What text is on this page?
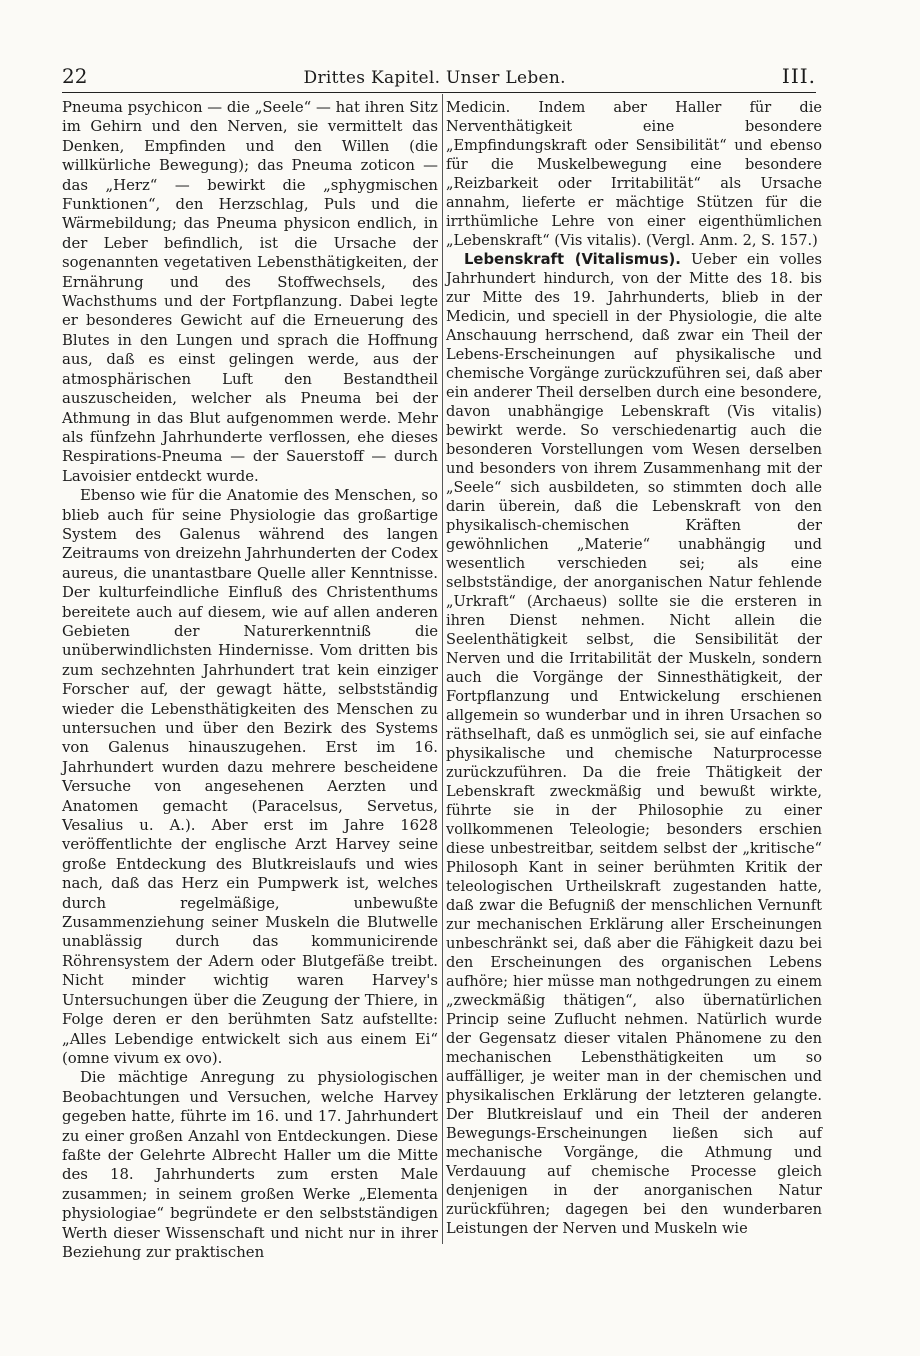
22	Drittes Kapitel. Unser Leben.	III.

Pneuma psychicon — die „Seele“ — hat ihren Sitz im Gehirn und den Nerven, sie vermittelt das Denken, Empfinden und den Willen (die willkürliche Bewegung); das Pneuma zoticon — das „Herz“ — bewirkt die „sphygmischen Funktionen“, den Herzschlag, Puls und die Wärmebildung; das Pneuma physicon endlich, in der Leber befindlich, ist die Ursache der sogenannten vegetativen Lebensthätigkeiten, der Ernährung und des Stoffwechsels, des Wachsthums und der Fortpflanzung. Dabei legte er besonderes Gewicht auf die Erneuerung des Blutes in den Lungen und sprach die Hoffnung aus, daß es einst gelingen werde, aus der atmosphärischen Luft den Bestandtheil auszuscheiden, welcher als Pneuma bei der Athmung in das Blut aufgenommen werde. Mehr als fünfzehn Jahrhunderte verflossen, ehe dieses Respirations-Pneuma — der Sauerstoff — durch Lavoisier entdeckt wurde.

Ebenso wie für die Anatomie des Menschen, so blieb auch für seine Physiologie das großartige System des Galenus während des langen Zeitraums von dreizehn Jahrhunderten der Codex aureus, die unantastbare Quelle aller Kenntnisse. Der kulturfeindliche Einfluß des Christenthums bereitete auch auf diesem, wie auf allen anderen Gebieten der Naturerkenntniß die unüberwindlichsten Hindernisse. Vom dritten bis zum sechzehnten Jahrhundert trat kein einziger Forscher auf, der gewagt hätte, selbstständig wieder die Lebensthätigkeiten des Menschen zu untersuchen und über den Bezirk des Systems von Galenus hinauszugehen. Erst im 16. Jahrhundert wurden dazu mehrere bescheidene Versuche von angesehenen Aerzten und Anatomen gemacht (Paracelsus, Servetus, Vesalius u. A.). Aber erst im Jahre 1628 veröffentlichte der englische Arzt Harvey seine große Entdeckung des Blutkreislaufs und wies nach, daß das Herz ein Pumpwerk ist, welches durch regelmäßige, unbewußte Zusammenziehung seiner Muskeln die Blutwelle unablässig durch das kommunicirende Röhrensystem der Adern oder Blutgefäße treibt. Nicht minder wichtig waren Harvey's Untersuchungen über die Zeugung der Thiere, in Folge deren er den berühmten Satz aufstellte: „Alles Lebendige entwickelt sich aus einem Ei“ (omne vivum ex ovo).

Die mächtige Anregung zu physiologischen Beobachtungen und Versuchen, welche Harvey gegeben hatte, führte im 16. und 17. Jahrhundert zu einer großen Anzahl von Entdeckungen. Diese faßte der Gelehrte Albrecht Haller um die Mitte des 18. Jahrhunderts zum ersten Male zusammen; in seinem großen Werke „Elementa physiologiae“ begründete er den selbstständigen Werth dieser Wissenschaft und nicht nur in ihrer Beziehung zur praktischen

Medicin. Indem aber Haller für die Nerventhätigkeit eine besondere „Empfindungskraft oder Sensibilität“ und ebenso für die Muskelbewegung eine besondere „Reizbarkeit oder Irritabilität“ als Ursache annahm, lieferte er mächtige Stützen für die irrthümliche Lehre von einer eigenthümlichen „Lebenskraft“ (Vis vitalis). (Vergl. Anm. 2, S. 157.)

Lebenskraft (Vitalismus). Ueber ein volles Jahrhundert hindurch, von der Mitte des 18. bis zur Mitte des 19. Jahrhunderts, blieb in der Medicin, und speciell in der Physiologie, die alte Anschauung herrschend, daß zwar ein Theil der Lebens-Erscheinungen auf physikalische und chemische Vorgänge zurückzuführen sei, daß aber ein anderer Theil derselben durch eine besondere, davon unabhängige Lebenskraft (Vis vitalis) bewirkt werde. So verschiedenartig auch die besonderen Vorstellungen vom Wesen derselben und besonders von ihrem Zusammenhang mit der „Seele“ sich ausbildeten, so stimmten doch alle darin überein, daß die Lebenskraft von den physikalisch-chemischen Kräften der gewöhnlichen „Materie“ unabhängig und wesentlich verschieden sei; als eine selbstständige, der anorganischen Natur fehlende „Urkraft“ (Archaeus) sollte sie die ersteren in ihren Dienst nehmen. Nicht allein die Seelenthätigkeit selbst, die Sensibilität der Nerven und die Irritabilität der Muskeln, sondern auch die Vorgänge der Sinnesthätigkeit, der Fortpflanzung und Entwickelung erschienen allgemein so wunderbar und in ihren Ursachen so räthselhaft, daß es unmöglich sei, sie auf einfache physikalische und chemische Naturprocesse zurückzuführen. Da die freie Thätigkeit der Lebenskraft zweckmäßig und bewußt wirkte, führte sie in der Philosophie zu einer vollkommenen Teleologie; besonders erschien diese unbestreitbar, seitdem selbst der „kritische“ Philosoph Kant in seiner berühmten Kritik der teleologischen Urtheilskraft zugestanden hatte, daß zwar die Befugniß der menschlichen Vernunft zur mechanischen Erklärung aller Erscheinungen unbeschränkt sei, daß aber die Fähigkeit dazu bei den Erscheinungen des organischen Lebens aufhöre; hier müsse man nothgedrungen zu einem „zweckmäßig thätigen“, also übernatürlichen Princip seine Zuflucht nehmen. Natürlich wurde der Gegensatz dieser vitalen Phänomene zu den mechanischen Lebensthätigkeiten um so auffälliger, je weiter man in der chemischen und physikalischen Erklärung der letzteren gelangte. Der Blutkreislauf und ein Theil der anderen Bewegungs-Erscheinungen ließen sich auf mechanische Vorgänge, die Athmung und Verdauung auf chemische Processe gleich denjenigen in der anorganischen Natur zurückführen; dagegen bei den wunderbaren Leistungen der Nerven und Muskeln wie
